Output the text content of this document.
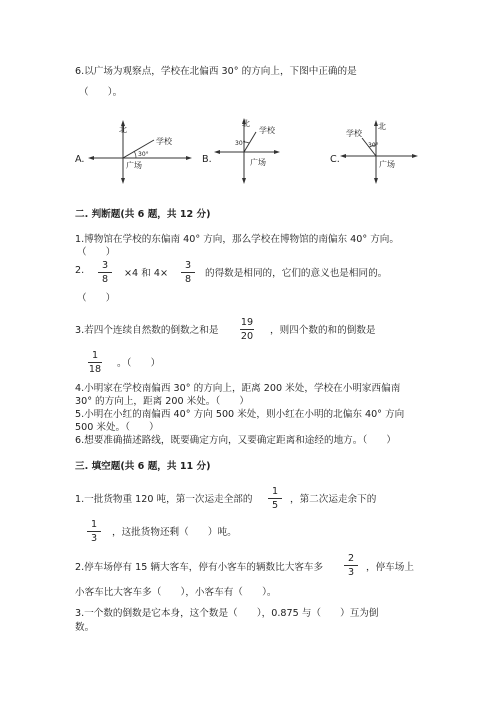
6.以广场为观察点，学校在北偏西 30° 的方向上，下图中正确的是
（　　）。
A.
北
学校
30°
广场
B.
北
学校
30°
广场	C.
北
学校
30°
广场
二. 判断题(共 6 题，共 12 分)
1.博物馆在学校的东偏南 40° 方向，那么学校在博物馆的南偏东 40° 方向。
（　　）
2.	3
8
×4 和 4×
3
8
的得数是相同的，它们的意义也是相同的。
（　　）
3.若四个连续自然数的倒数之和是
19
20
，则四个数的和的倒数是
1
18
。（　　）
4.小明家在学校南偏西 30° 的方向上，距离 200 米处，学校在小明家西偏南
30° 的方向上，距离 200 米处。（　　）
5.小明在小红的南偏西 40° 方向 500 米处，则小红在小明的北偏东 40° 方向
500 米处。（　　）
6.想要准确描述路线，既要确定方向，又要确定距离和途经的地方。（　　）
三. 填空题(共 6 题，共 11 分)
1.一批货物重 120 吨，第一次运走全部的
1
5
，第二次运走余下的
1
3
，这批货物还剩（　　）吨。
2.停车场停有 15 辆大客车，停有小客车的辆数比大客车多
2
3	，停车场上
小客车比大客车多（　　），小客车有（　　）。
3.一个数的倒数是它本身，这个数是（　　），0.875 与（　　）互为倒
数。
